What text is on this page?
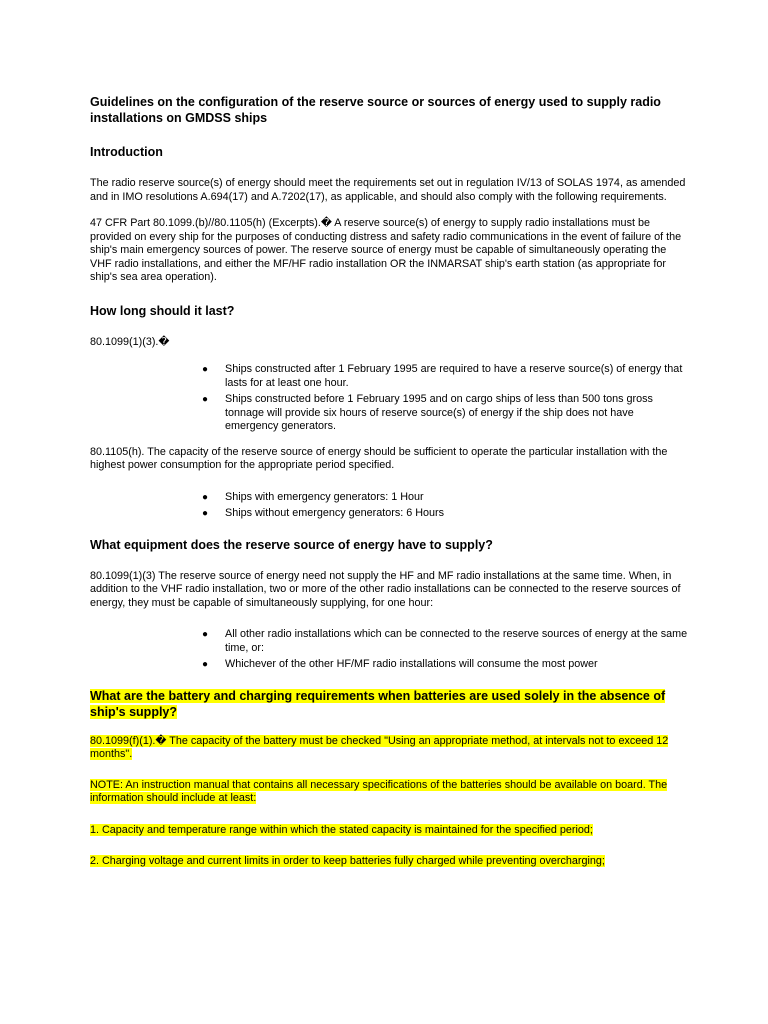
Guidelines on the configuration of the reserve source or sources of energy used to supply radio installations on GMDSS ships
Introduction
The radio reserve source(s) of energy should meet the requirements set out in regulation IV/13 of SOLAS 1974, as amended and in IMO resolutions A.694(17) and A.7202(17), as applicable, and should also comply with the following requirements.
47 CFR Part 80.1099.(b)//80.1105(h) (Excerpts).� A reserve source(s) of energy to supply radio installations must be provided on every ship for the purposes of conducting distress and safety radio communications in the event of failure of the ship's main emergency sources of power. The reserve source of energy must be capable of simultaneously operating the VHF radio installations, and either the MF/HF radio installation OR the INMARSAT ship's earth station (as appropriate for ship's sea area operation).
How long should it last?
80.1099(1)(3).�
● Ships constructed after 1 February 1995 are required to have a reserve source(s) of energy that lasts for at least one hour.
● Ships constructed before 1 February 1995 and on cargo ships of less than 500 tons gross tonnage will provide six hours of reserve source(s) of energy if the ship does not have emergency generators.
80.1105(h). The capacity of the reserve source of energy should be sufficient to operate the particular installation with the highest power consumption for the appropriate period specified.
● Ships with emergency generators: 1 Hour
● Ships without emergency generators: 6 Hours
What equipment does the reserve source of energy have to supply?
80.1099(1)(3) The reserve source of energy need not supply the HF and MF radio installations at the same time. When, in addition to the VHF radio installation, two or more of the other radio installations can be connected to the reserve sources of energy, they must be capable of simultaneously supplying, for one hour:
● All other radio installations which can be connected to the reserve sources of energy at the same time, or:
● Whichever of the other HF/MF radio installations will consume the most power
What are the battery and charging requirements when batteries are used solely in the absence of ship's supply?
80.1099(f)(1).� The capacity of the battery must be checked "Using an appropriate method, at intervals not to exceed 12 months".
NOTE: An instruction manual that contains all necessary specifications of the batteries should be available on board. The information should include at least:
1. Capacity and temperature range within which the stated capacity is maintained for the specified period;
2. Charging voltage and current limits in order to keep batteries fully charged while preventing overcharging;
